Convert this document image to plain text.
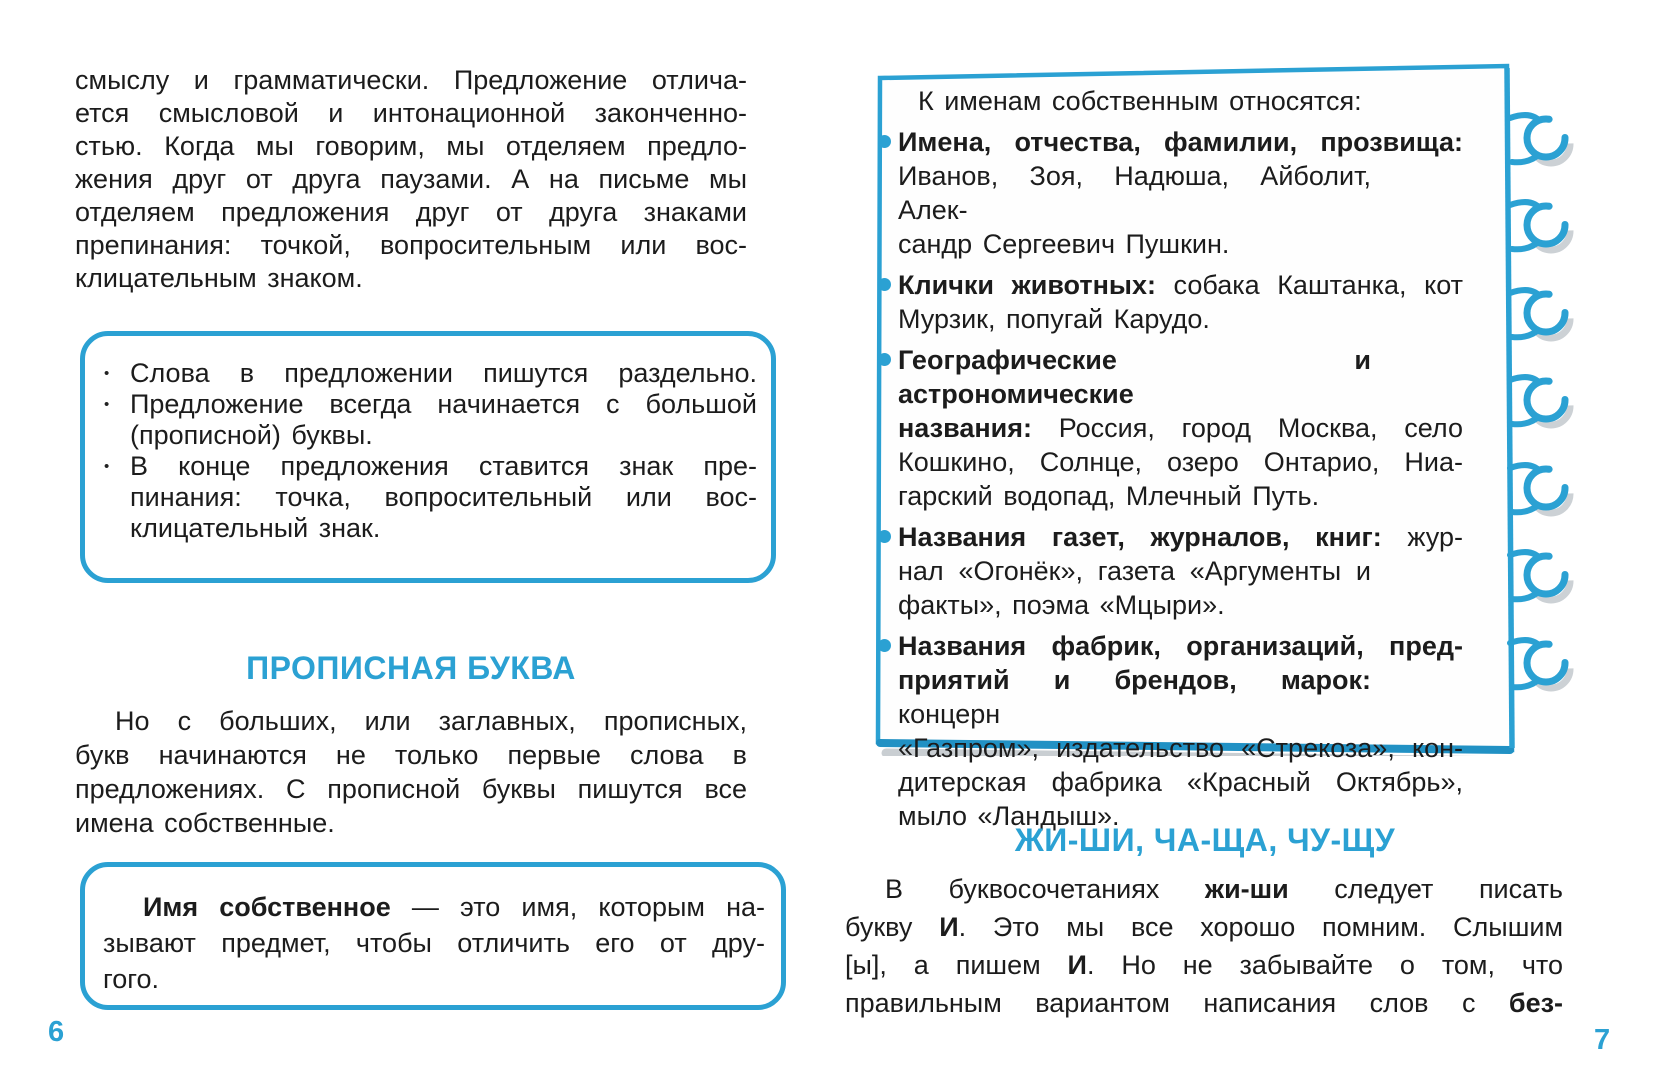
смыслу и грамматически. Предложение отлича-
ется смысловой и интонационной законченно-
стью. Когда мы говорим, мы отделяем предло-
жения друг от друга паузами. А на письме мы
отделяем предложения друг от друга знаками
препинания: точкой, вопросительным или вос-
клицательным знаком.
• Слова в предложении пишутся раздельно.
• Предложение всегда начинается с большой
(прописной) буквы.
• В конце предложения ставится знак пре-
пинания: точка, вопросительный или вос-
клицательный знак.
ПРОПИСНАЯ БУКВА
Но с больших, или заглавных, прописных,
букв начинаются не только первые слова в
предложениях. С прописной буквы пишутся все
имена собственные.
Имя собственное — это имя, которым на-
зывают предмет, чтобы отличить его от дру-
гого.
6
К именам собственным относятся:
Имена, отчества, фамилии, прозвища:
Иванов, Зоя, Надюша, Айболит, Алек-
сандр Сергеевич Пушкин.
Клички животных: собака Каштанка, кот
Мурзик, попугай Карудо.
Географические и астрономические
названия: Россия, город Москва, село
Кошкино, Солнце, озеро Онтарио, Ниа-
гарский водопад, Млечный Путь.
Названия газет, журналов, книг: жур-
нал «Огонёк», газета «Аргументы и
факты», поэма «Мцыри».
Названия фабрик, организаций, пред-
приятий и брендов, марок: концерн
«Газпром», издательство «Стрекоза», кон-
дитерская фабрика «Красный Октябрь»,
мыло «Ландыш».
ЖИ-ШИ, ЧА-ЩА, ЧУ-ЩУ
В буквосочетаниях жи-ши следует писать
букву И. Это мы все хорошо помним. Слышим
[ы], а пишем И. Но не забывайте о том, что
правильным вариантом написания слов с без-
7
